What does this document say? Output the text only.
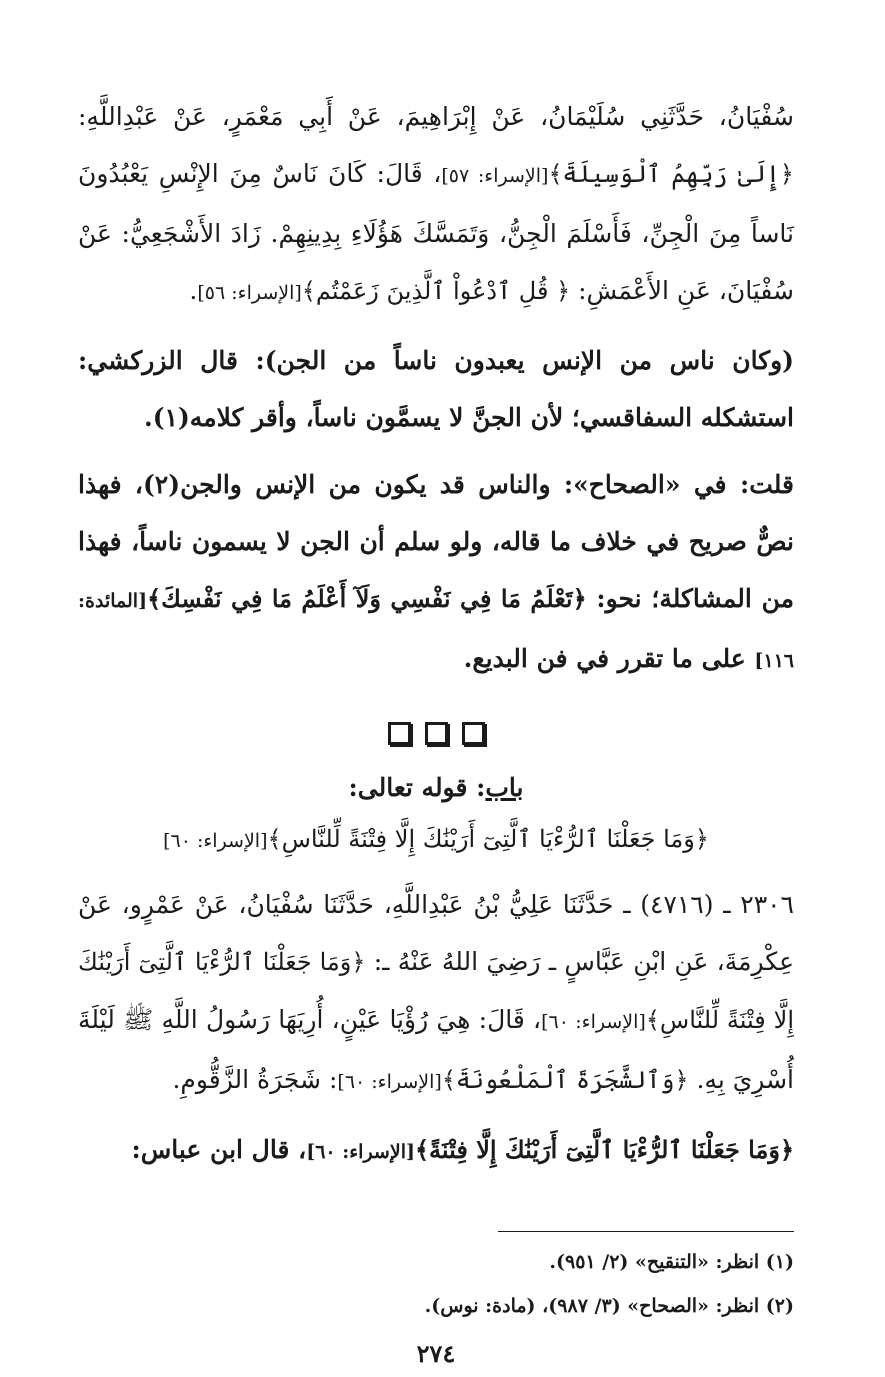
سُفْيَانُ، حَدَّثَنِي سُلَيْمَانُ، عَنْ إِبْرَاهِيمَ، عَنْ أَبِي مَعْمَرٍ، عَنْ عَبْدِاللَّهِ: ﴿إِلَىٰ رَبِّهِمُ ٱلْوَسِيلَةَ﴾[الإسراء: ٥٧]، قَالَ: كَانَ نَاسٌ مِنَ الإِنْسِ يَعْبُدُونَ نَاساً مِنَ الْجِنِّ، فَأَسْلَمَ الْجِنُّ، وَتَمَسَّكَ هَؤُلَاءِ بِدِينِهِمْ. زَادَ الأَشْجَعِيُّ: عَنْ سُفْيَانَ، عَنِ الأَعْمَشِ: ﴿ قُلِ ٱدْعُواْ ٱلَّذِينَ زَعَمْتُم﴾[الإسراء: ٥٦].

(وكان ناس من الإنس يعبدون ناساً من الجن): قال الزركشي: استشكله السفاقسي؛ لأن الجنَّ لا يسمَّون ناساً، وأقر كلامه(١).

قلت: في «الصحاح»: والناس قد يكون من الإنس والجن(٢)، فهذا نصٌّ صريح في خلاف ما قاله، ولو سلم أن الجن لا يسمون ناساً، فهذا من المشاكلة؛ نحو: ﴿تَعْلَمُ مَا فِي نَفْسِي وَلَآ أَعْلَمُ مَا فِي نَفْسِكَ﴾[المائدة: ١١٦] على ما تقرر في فن البديع.

باب: قوله تعالى:
﴿وَمَا جَعَلْنَا ٱلرُّءْيَا ٱلَّتِىٓ أَرَيْنَٰكَ إِلَّا فِتْنَةً لِّلنَّاسِ﴾[الإسراء: ٦٠]

٢٣٠٦ ـ (٤٧١٦) ـ حَدَّثَنَا عَلِيُّ بْنُ عَبْدِاللَّهِ، حَدَّثَنَا سُفْيَانُ، عَنْ عَمْرٍو، عَنْ عِكْرِمَةَ، عَنِ ابْنِ عَبَّاسٍ ـ رَضِيَ اللهُ عَنْهُ ـ: ﴿وَمَا جَعَلْنَا ٱلرُّءْيَا ٱلَّتِىٓ أَرَيْنَٰكَ إِلَّا فِتْنَةً لِّلنَّاسِ﴾[الإسراء: ٦٠]، قَالَ: هِيَ رُؤْيَا عَيْنٍ، أُرِيَهَا رَسُولُ اللَّهِ ﷺ لَيْلَةَ أُسْرِيَ بِهِ. ﴿وَٱلشَّجَرَةَ ٱلْمَلْعُونَةَ﴾[الإسراء: ٦٠]: شَجَرَةُ الزَّقُّومِ.

﴿وَمَا جَعَلْنَا ٱلرُّءْيَا ٱلَّتِىٓ أَرَيْنَٰكَ إِلَّا فِتْنَةً﴾[الإسراء: ٦٠]، قال ابن عباس:

(١) انظر: «التنقيح» (٢/ ٩٥١).

(٢) انظر: «الصحاح» (٣/ ٩٨٧)، (مادة: نوس).

٢٧٤
